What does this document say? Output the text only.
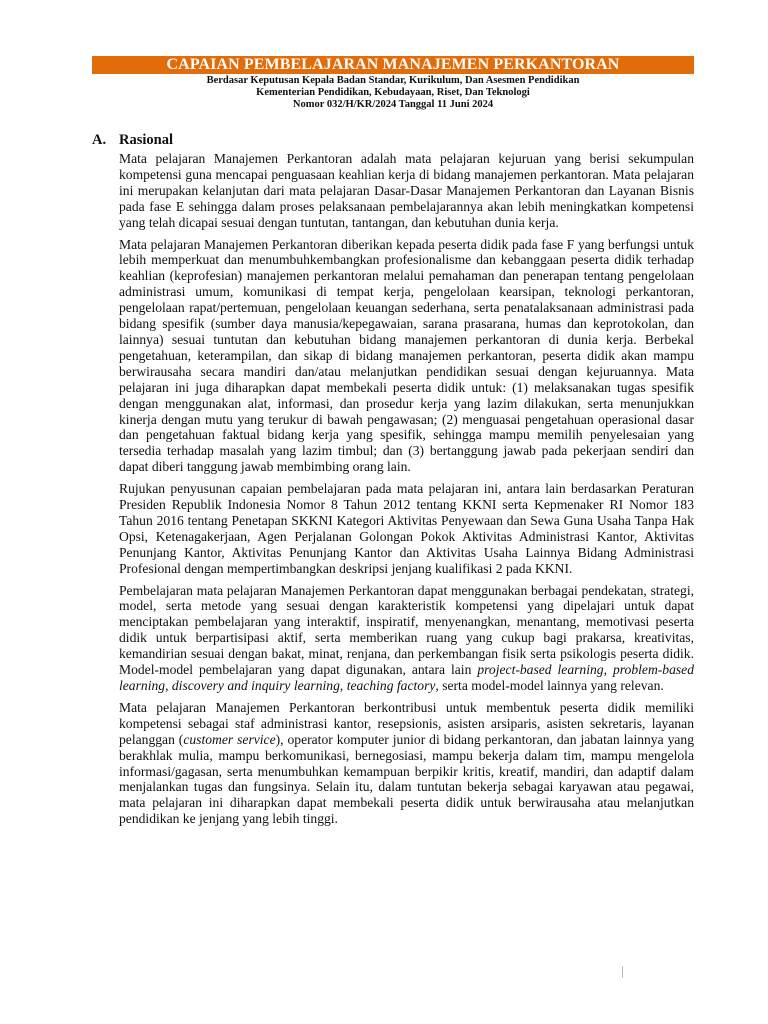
CAPAIAN PEMBELAJARAN MANAJEMEN PERKANTORAN
Berdasar Keputusan Kepala Badan Standar, Kurikulum, Dan Asesmen Pendidikan
Kementerian Pendidikan, Kebudayaan, Riset, Dan Teknologi
Nomor 032/H/KR/2024 Tanggal 11 Juni 2024
A. Rasional

Mata pelajaran Manajemen Perkantoran adalah mata pelajaran kejuruan yang berisi sekumpulan kompetensi guna mencapai penguasaan keahlian kerja di bidang manajemen perkantoran. Mata pelajaran ini merupakan kelanjutan dari mata pelajaran Dasar-Dasar Manajemen Perkantoran dan Layanan Bisnis pada fase E sehingga dalam proses pelaksanaan pembelajarannya akan lebih meningkatkan kompetensi yang telah dicapai sesuai dengan tuntutan, tantangan, dan kebutuhan dunia kerja.

Mata pelajaran Manajemen Perkantoran diberikan kepada peserta didik pada fase F yang berfungsi untuk lebih memperkuat dan menumbuhkembangkan profesionalisme dan kebanggaan peserta didik terhadap keahlian (keprofesian) manajemen perkantoran melalui pemahaman dan penerapan tentang pengelolaan administrasi umum, komunikasi di tempat kerja, pengelolaan kearsipan, teknologi perkantoran, pengelolaan rapat/pertemuan, pengelolaan keuangan sederhana, serta penatalaksanaan administrasi pada bidang spesifik (sumber daya manusia/kepegawaian, sarana prasarana, humas dan keprotokolan, dan lainnya) sesuai tuntutan dan kebutuhan bidang manajemen perkantoran di dunia kerja. Berbekal pengetahuan, keterampilan, dan sikap di bidang manajemen perkantoran, peserta didik akan mampu berwirausaha secara mandiri dan/atau melanjutkan pendidikan sesuai dengan kejuruannya. Mata pelajaran ini juga diharapkan dapat membekali peserta didik untuk: (1) melaksanakan tugas spesifik dengan menggunakan alat, informasi, dan prosedur kerja yang lazim dilakukan, serta menunjukkan kinerja dengan mutu yang terukur di bawah pengawasan; (2) menguasai pengetahuan operasional dasar dan pengetahuan faktual bidang kerja yang spesifik, sehingga mampu memilih penyelesaian yang tersedia terhadap masalah yang lazim timbul; dan (3) bertanggung jawab pada pekerjaan sendiri dan dapat diberi tanggung jawab membimbing orang lain.

Rujukan penyusunan capaian pembelajaran pada mata pelajaran ini, antara lain berdasarkan Peraturan Presiden Republik Indonesia Nomor 8 Tahun 2012 tentang KKNI serta Kepmenaker RI Nomor 183 Tahun 2016 tentang Penetapan SKKNI Kategori Aktivitas Penyewaan dan Sewa Guna Usaha Tanpa Hak Opsi, Ketenagakerjaan, Agen Perjalanan Golongan Pokok Aktivitas Administrasi Kantor, Aktivitas Penunjang Kantor, Aktivitas Penunjang Kantor dan Aktivitas Usaha Lainnya Bidang Administrasi Profesional dengan mempertimbangkan deskripsi jenjang kualifikasi 2 pada KKNI.

Pembelajaran mata pelajaran Manajemen Perkantoran dapat menggunakan berbagai pendekatan, strategi, model, serta metode yang sesuai dengan karakteristik kompetensi yang dipelajari untuk dapat menciptakan pembelajaran yang interaktif, inspiratif, menyenangkan, menantang, memotivasi peserta didik untuk berpartisipasi aktif, serta memberikan ruang yang cukup bagi prakarsa, kreativitas, kemandirian sesuai dengan bakat, minat, renjana, dan perkembangan fisik serta psikologis peserta didik. Model-model pembelajaran yang dapat digunakan, antara lain project-based learning, problem-based learning, discovery and inquiry learning, teaching factory, serta model-model lainnya yang relevan.

Mata pelajaran Manajemen Perkantoran berkontribusi untuk membentuk peserta didik memiliki kompetensi sebagai staf administrasi kantor, resepsionis, asisten arsiparis, asisten sekretaris, layanan pelanggan (customer service), operator komputer junior di bidang perkantoran, dan jabatan lainnya yang berakhlak mulia, mampu berkomunikasi, bernegosiasi, mampu bekerja dalam tim, mampu mengelola informasi/gagasan, serta menumbuhkan kemampuan berpikir kritis, kreatif, mandiri, dan adaptif dalam menjalankan tugas dan fungsinya. Selain itu, dalam tuntutan bekerja sebagai karyawan atau pegawai, mata pelajaran ini diharapkan dapat membekali peserta didik untuk berwirausaha atau melanjutkan pendidikan ke jenjang yang lebih tinggi.
